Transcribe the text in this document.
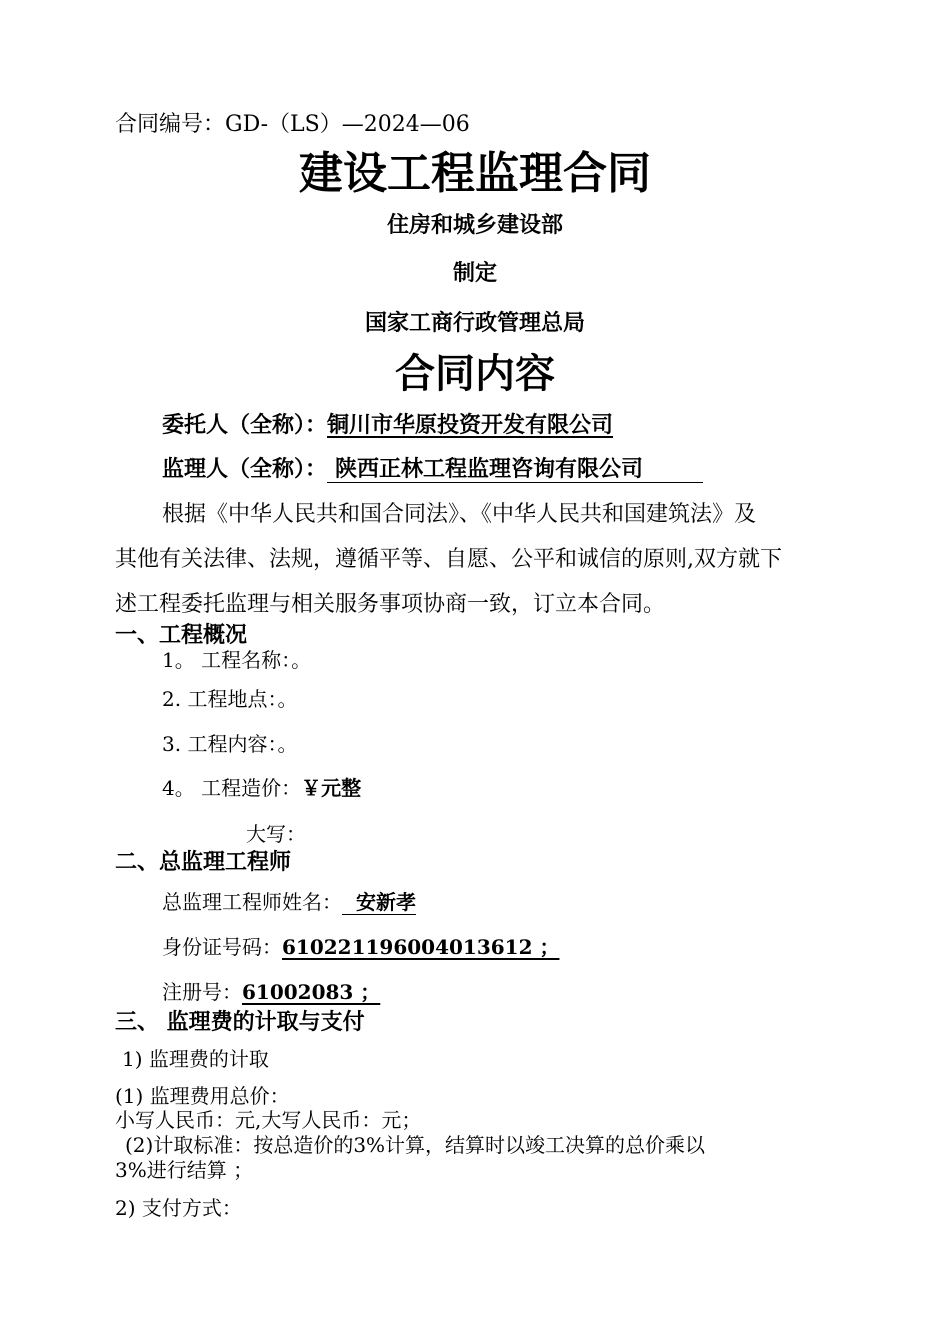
合同编号：GD-（LS）—2024—06
建设工程监理合同
住房和城乡建设部
制定
国家工商行政管理总局
合同内容
委托人（全称）：铜川市华原投资开发有限公司
监理人（全称）： 陕西正林工程监理咨询有限公司
根据《中华人民共和国合同法》、《中华人民共和国建筑法》及
其他有关法律、法规，遵循平等、自愿、公平和诚信的原则,双方就下
述工程委托监理与相关服务事项协商一致，订立本合同。
一、工程概况
1。 工程名称：。
2. 工程地点：。
3. 工程内容：。
4。 工程造价：￥元整
大写：
二、总监理工程师
总监理工程师姓名： 安新孝
身份证号码：610221196004013612 ；
注册号：61002083 ；
三、 监理费的计取与支付
1) 监理费的计取
(1) 监理费用总价：
小写人民币：元,大写人民币：元；
(2)计取标准：按总造价的3%计算，结算时以竣工决算的总价乘以
3%进行结算 ；
2) 支付方式：
